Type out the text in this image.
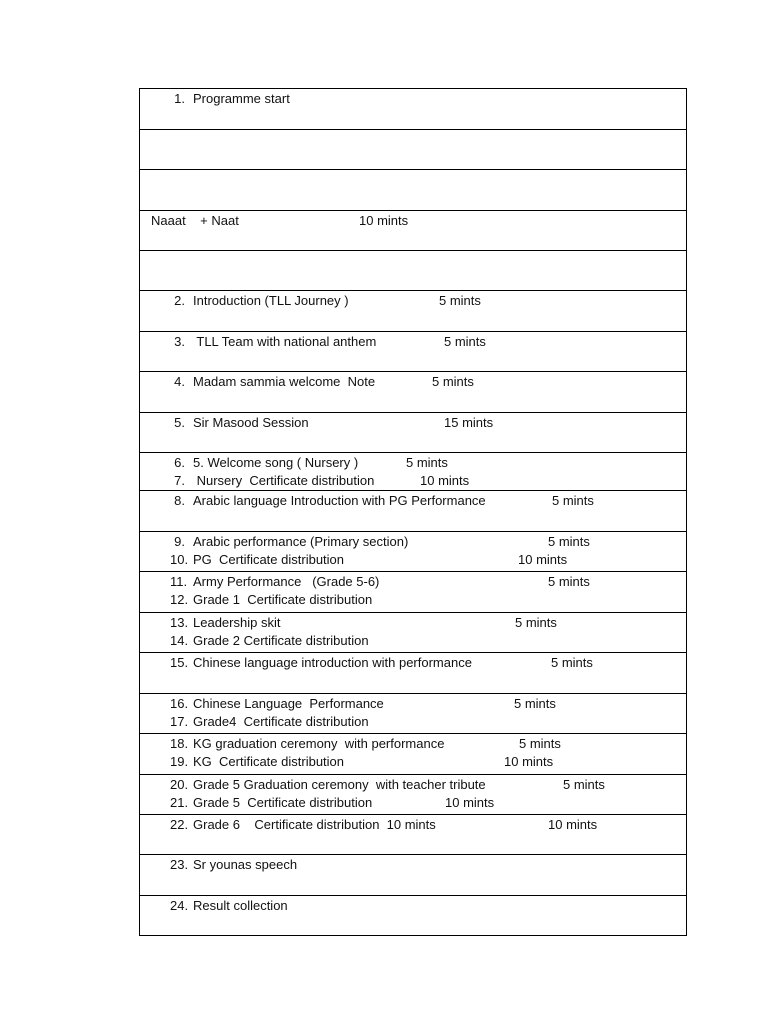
1. Programme start
Naaat    + Naat	10 mints
2. Introduction (TLL Journey )	5 mints
3. TLL Team with national anthem	5 mints
4. Madam sammia welcome  Note	5 mints
5. Sir Masood Session	15 mints
6. 5. Welcome song ( Nursery )	5 mints
7. Nursery  Certificate distribution	10 mints
8. Arabic language Introduction with PG Performance	5 mints
9. Arabic performance (Primary section)	5 mints
10. PG  Certificate distribution	10 mints
11. Army Performance   (Grade 5-6)	5 mints
12. Grade 1  Certificate distribution
13. Leadership skit	5 mints
14. Grade 2 Certificate distribution
15. Chinese language introduction with performance	5 mints
16. Chinese Language  Performance	5 mints
17. Grade4  Certificate distribution
18. KG graduation ceremony  with performance	5 mints
19. KG  Certificate distribution	10 mints
20. Grade 5 Graduation ceremony  with teacher tribute	5 mints
21. Grade 5  Certificate distribution	10 mints
22. Grade 6    Certificate distribution  10 mints	10 mints
23. Sr younas speech
24. Result collection
